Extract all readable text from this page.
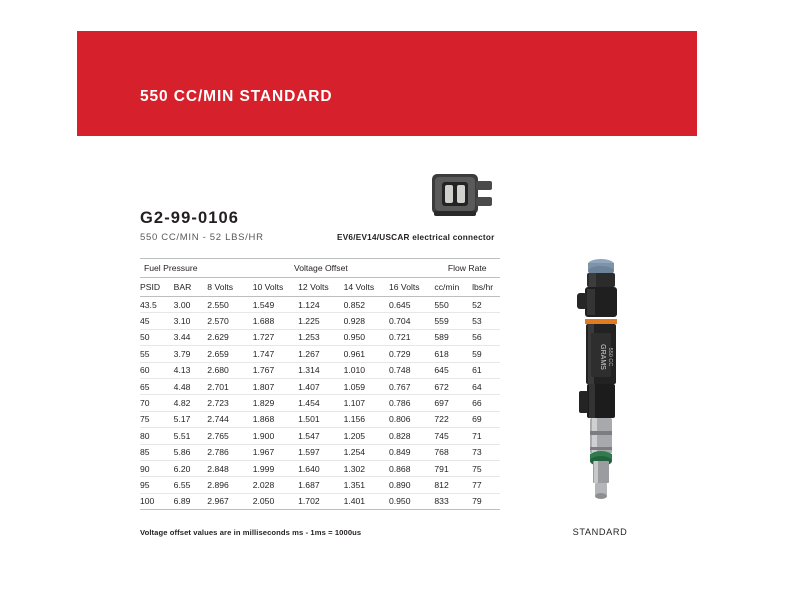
550 CC/MIN STANDARD
G2-99-0106
550 CC/MIN - 52 LBS/HR	EV6/EV14/USCAR electrical connector
Fuel Pressure		Voltage Offset					Flow Rate	
PSID	BAR	8 Volts	10 Volts	12 Volts	14 Volts	16 Volts	cc/min	lbs/hr
43.5	3.00	2.550	1.549	1.124	0.852	0.645	550	52
45	3.10	2.570	1.688	1.225	0.928	0.704	559	53
50	3.44	2.629	1.727	1.253	0.950	0.721	589	56
55	3.79	2.659	1.747	1.267	0.961	0.729	618	59
60	4.13	2.680	1.767	1.314	1.010	0.748	645	61
65	4.48	2.701	1.807	1.407	1.059	0.767	672	64
70	4.82	2.723	1.829	1.454	1.107	0.786	697	66
75	5.17	2.744	1.868	1.501	1.156	0.806	722	69
80	5.51	2.765	1.900	1.547	1.205	0.828	745	71
85	5.86	2.786	1.967	1.597	1.254	0.849	768	73
90	6.20	2.848	1.999	1.640	1.302	0.868	791	75
95	6.55	2.896	2.028	1.687	1.351	0.890	812	77
100	6.89	2.967	2.050	1.702	1.401	0.950	833	79
Voltage offset values are in milliseconds ms - 1ms = 1000us
GRAMS 550 CC
STANDARD
